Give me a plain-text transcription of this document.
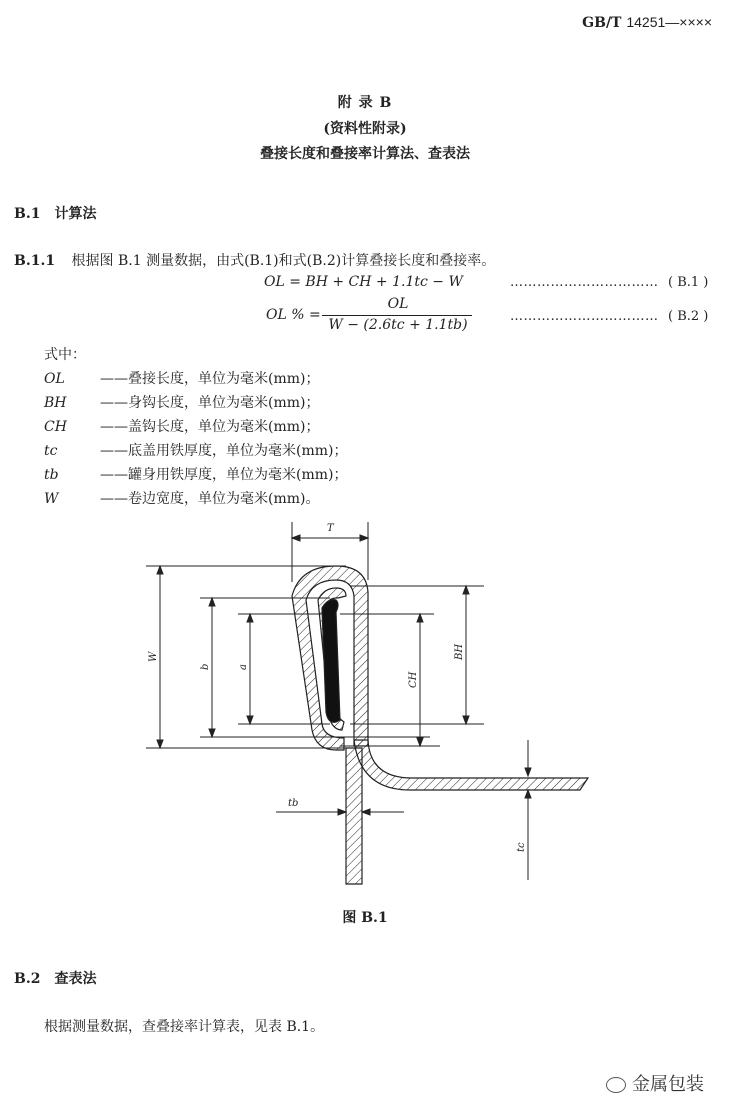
GB/T 14251—××××
附 录 B
(资料性附录)
叠接长度和叠接率计算法、查表法
B.1 计算法
B.1.1 根据图 B.1 测量数据，由式(B.1)和式(B.2)计算叠接长度和叠接率。
OL = BH + CH + 1.1tc − W	…………………………… ( B.1 )
OL % =
OL
W − (2.6tc + 1.1tb)
…………………………… ( B.2 )
式中：
OL	——叠接长度，单位为毫米(mm)；
BH ——身钩长度，单位为毫米(mm)；
CH ——盖钩长度，单位为毫米(mm)；
tc	——底盖用铁厚度，单位为毫米(mm)；
tb	——罐身用铁厚度，单位为毫米(mm)；
W	——卷边宽度，单位为毫米(mm)。
T
W
b	a
CH
BH
tb
tc
图 B.1
B.2 查表法
根据测量数据，查叠接率计算表，见表 B.1。
金属包装
